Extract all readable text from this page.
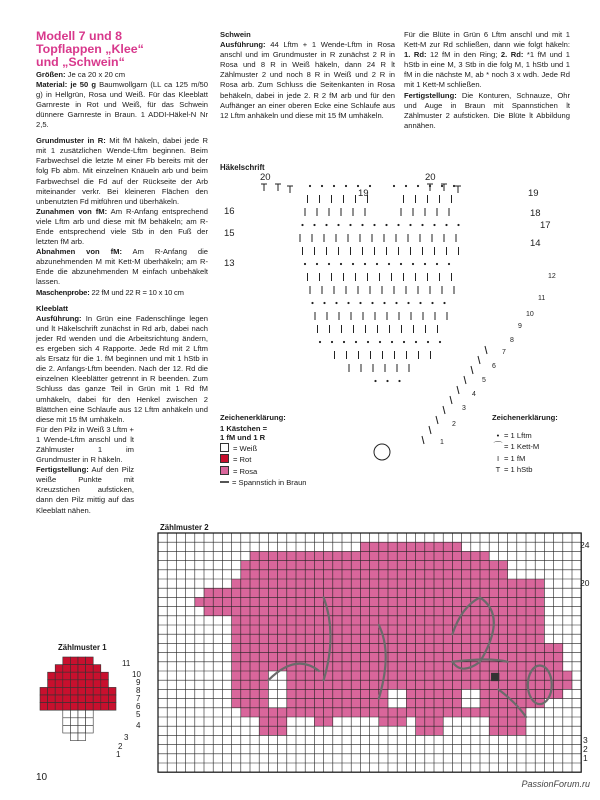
Modell 7 und 8
Topflappen „Klee“
und „Schwein“

Größen: Je ca 20 x 20 cm

Material: je 50 g Baumwollgarn (LL ca 125 m/50 g) in Hellgrün, Rosa und Weiß. Für das Kleeblatt Garnreste in Rot und Weiß, für das Schwein dünnere Garnreste in Braun. 1 ADDI-Häkel-N Nr 2,5.

Grundmuster in R: Mit fM häkeln, dabei jede R mit 1 zusätzlichen Wende-Lftm beginnen. Beim Farbwechsel die letzte M einer Fb bereits mit der folg Fb abm. Mit einzelnen Knäueln arb und beim Farbwechsel die Fd auf der Rückseite der Arb miteinander verkr. Bei kleineren Flächen den unbenutzten Fd mitführen und überhäkeln.

Zunahmen von fM: Am R-Anfang entsprechend viele Lftm arb und diese mit fM behäkeln; am R-Ende entsprechend viele Stb in den Fuß der letzten fM arb.

Abnahmen von fM: Am R-Anfang die abzunehmenden M mit Kett-M überhäkeln; am R-Ende die abzunehmenden M einfach unbehäkelt lassen.

Maschenprobe: 22 fM und 22 R = 10 x 10 cm

Kleeblatt

Ausführung: In Grün eine Fadenschlinge legen und lt Häkelschrift zunächst in Rd arb, dabei nach jeder Rd wenden und die Arbeitsrichtung ändern, es ergeben sich 4 Rapporte. Jede Rd mit 2 Lftm als Ersatz für die 1. fM beginnen und mit 1 hStb in die 2. Anfangs-Lftm beenden. Nach der 12. Rd die einzelnen Kleeblätter getrennt in R beenden. Zum Schluss das ganze Teil in Grün mit 1 Rd fM umhäkeln, dabei für den Henkel zwischen 2 Blättchen eine Schlaufe aus 12 Lftm anhäkeln und diese mit 15 fM umhäkeln.

Für den Pilz in Weiß 3 Lftm + 1 Wende-Lftm anschl und lt Zählmuster 1 im Grundmuster in R häkeln.

Fertigstellung: Auf den Pilz weiße Punkte mit Kreuzstichen aufsticken, dann den Pilz mittig auf das Kleeblatt nähen.

Schwein

Ausführung: 44 Lftm + 1 Wende-Lftm in Rosa anschl und im Grundmuster in R zunächst 2 R in Rosa und 8 R in Weiß häkeln, dann 24 R lt Zählmuster 2 und noch 8 R in Weiß und 2 R in Rosa arb. Zum Schluss die Seitenkanten in Rosa behäkeln, dabei in jede 2. R 2 fM arb und für den Aufhänger an einer oberen Ecke eine Schlaufe aus 12 Lftm anhäkeln und diese mit 15 fM umhäkeln.

Für die Blüte in Grün 6 Lftm anschl und mit 1 Kett-M zur Rd schließen, dann wie folgt häkeln: 1. Rd: 12 fM in den Ring; 2. Rd: *1 fM und 1 hStb in eine M, 3 Stb in die folg M, 1 hStb und 1 fM in die nächste M, ab * noch 3 x wdh. Jede Rd mit 1 Kett-M schließen.

Fertigstellung: Die Konturen, Schnauze, Ohr und Auge in Braun mit Spannstichen lt Zählmuster 2 aufsticken. Die Blüte lt Abbildung annähen.

Häkelschrift
20
19
20
19
18
17
16
15
14
13
12
11
10
9
8
7
6
5
4
3
2
1
Zeichenerklärung:
1 Kästchen =
1 fM und 1 R
= Weiß
= Rot
= Rosa
= Spannstich in Braun
Zeichenerklärung:
• = 1 Lftm
⌒ = 1 Kett-M
I = 1 fM
T = 1 hStb
Zählmuster 2
24
20
3
2
1
Zählmuster 1
11
10
9
8
7
6
5
4
3
2
1
10
PassionForum.ru
